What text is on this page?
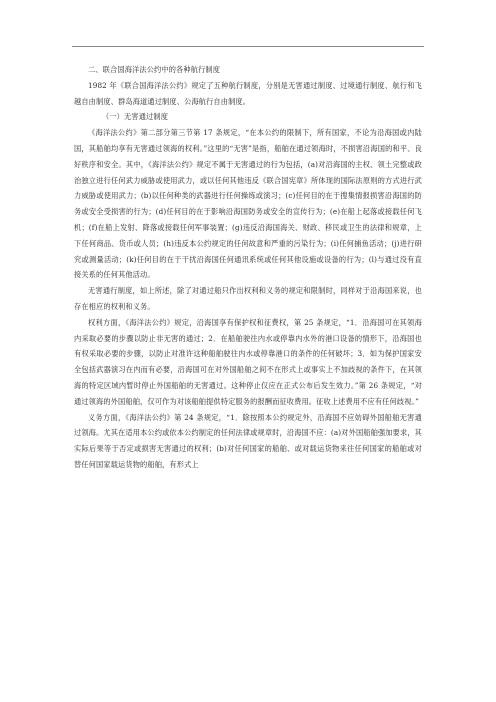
二、联合国海洋法公约中的各种航行制度

1982 年《联合国海洋法公约》规定了五种航行制度，分别是无害通过制度、过境通行制度、航行和飞越自由制度、群岛海道通过制度、公海航行自由制度。

（一）无害通过制度

《海洋法公约》第二部分第三节第 17 条规定，“在本公约的限制下，所有国家，不论为沿海国或内陆国，其船舶均享有无害通过领海的权利。”这里的“无害”是指，船舶在通过领海时，不损害沿海国的和平、良好秩序和安全。其中，《海洋法公约》规定不属于无害通过的行为包括，(a)对沿海国的主权、领土完整或政治独立进行任何武力威胁或使用武力，或以任何其他违反《联合国宪章》所体现的国际法原则的方式进行武力威胁或使用武力；(b)以任何种类的武器进行任何操练或演习；(c)任何目的在于搜集情报损害沿海国的防务或安全受损害的行为；(d)任何目的在于影响沿海国防务或安全的宣传行为；(e)在船上起落或接载任何飞机；(f)在船上发射、降落或接载任何军事装置；(g)违反沿海国海关、财政、移民或卫生的法律和规章，上下任何商品、货币或人员；(h)违反本公约规定的任何故意和严重的污染行为；(i)任何捕鱼活动；(j)进行研究或测量活动；(k)任何目的在于干扰沿海国任何通讯系统或任何其他设施或设备的行为；(l)与通过没有直接关系的任何其他活动。

无害通行制度，如上所述，除了对通过船只作出权利和义务的规定和限制时，同样对于沿海国来说，也存在相应的权利和义务。

权利方面，《海洋法公约》规定，沿海国享有保护权和征费权，第 25 条规定，“1．沿海国可在其领海内采取必要的步骤以防止非无害的通过；2．在船舶驶往内水或停靠内水外的港口设备的情形下，沿海国也有权采取必要的步骤，以防止对准许这种船舶驶往内水或停靠港口的条件的任何破坏；3．如为保护国家安全包括武器演习在内而有必要，沿海国可在对外国船舶之间不在形式上或事实上不加歧视的条件下，在其领海的特定区域内暂时停止外国船舶的无害通过。这种停止仅应在正式公布后发生效力。”第 26 条规定，“对通过领海的外国船舶，仅可作为对该船舶提供特定服务的报酬而征收费用。征收上述费用不应有任何歧视。”

义务方面，《海洋法公约》第 24 条规定，“1．除按照本公约规定外，沿海国不应妨碍外国船舶无害通过领海。尤其在适用本公约或依本公约制定的任何法律或规章时，沿海国不应：(a)对外国船舶强加要求，其实际后果等于否定或损害无害通过的权利；(b)对任何国家的船舶、或对载运货物来往任何国家的船舶或对替任何国家载运货物的船舶，有形式上
